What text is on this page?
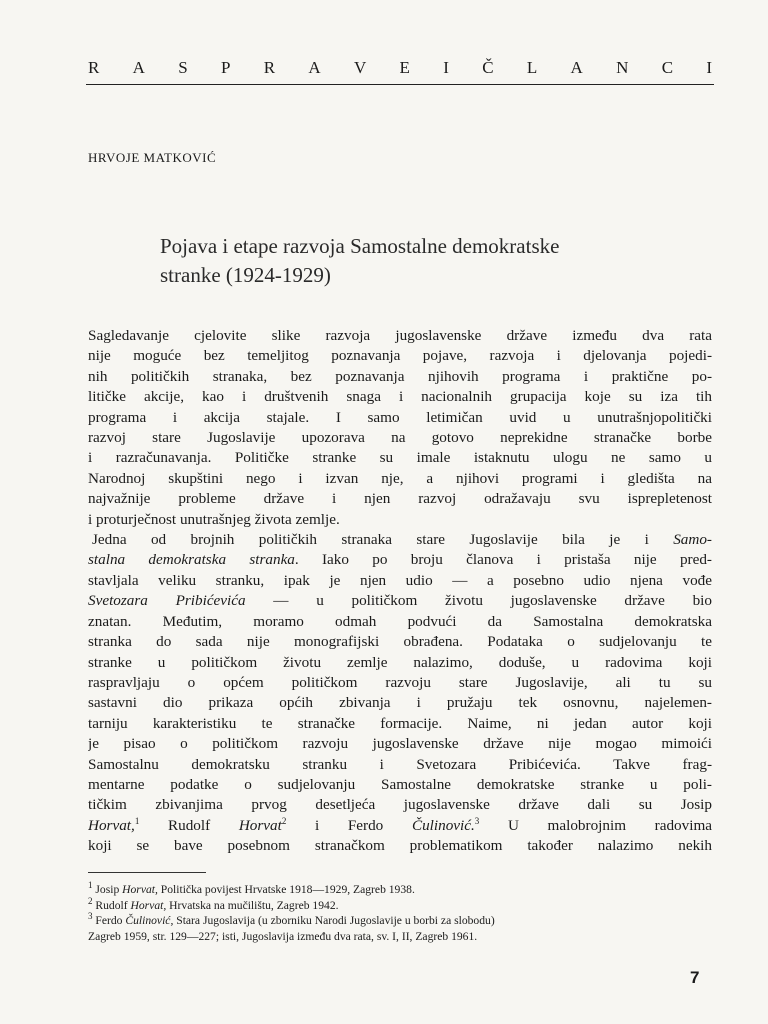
R A S P R A V E I Č L A N C I
HRVOJE MATKOVIĆ
Pojava i etape razvoja Samostalne demokratske
stranke (1924-1929)

Sagledavanje cjelovite slike razvoja jugoslavenske države između dva rata
nije moguće bez temeljitog poznavanja pojave, razvoja i djelovanja pojedi-
nih političkih stranaka, bez poznavanja njihovih programa i praktične po-
litičke akcije, kao i društvenih snaga i nacionalnih grupacija koje su iza tih
programa i akcija stajale. I samo letimičan uvid u unutrašnjopolitički
razvoj stare Jugoslavije upozorava na gotovo neprekidne stranačke borbe
i razračunavanja. Političke stranke su imale istaknutu ulogu ne samo u
Narodnoj skupštini nego i izvan nje, a njihovi programi i gledišta na
najvažnije probleme države i njen razvoj odražavaju svu isprepletenost
i proturječnost unutrašnjeg života zemlje.

Jedna od brojnih političkih stranaka stare Jugoslavije bila je i Samo-
stalna demokratska stranka. Iako po broju članova i pristaša nije pred-
stavljala veliku stranku, ipak je njen udio — a posebno udio njena vođe
Svetozara Pribićevića — u političkom životu jugoslavenske države bio
znatan. Međutim, moramo odmah podvući da Samostalna demokratska
stranka do sada nije monografijski obrađena. Podataka o sudjelovanju te
stranke u političkom životu zemlje nalazimo, doduše, u radovima koji
raspravljaju o općem političkom razvoju stare Jugoslavije, ali tu su
sastavni dio prikaza općih zbivanja i pružaju tek osnovnu, najelemen-
tarniju karakteristiku te stranačke formacije. Naime, ni jedan autor koji
je pisao o političkom razvoju jugoslavenske države nije mogao mimoići
Samostalnu demokratsku stranku i Svetozara Pribićevića. Takve frag-
mentarne podatke o sudjelovanju Samostalne demokratske stranke u poli-
tičkim zbivanjima prvog desetljeća jugoslavenske države dali su Josip
Horvat,$^1$ Rudolf Horvat$^2$ i Ferdo Čulinović.$^3$ U malobrojnim radovima
koji se bave posebnom stranačkom problematikom također nalazimo nekih

$^1$ Josip Horvat, Politička povijest Hrvatske 1918—1929, Zagreb 1938.
$^2$ Rudolf Horvat, Hrvatska na mučilištu, Zagreb 1942.
$^3$ Ferdo Čulinović, Stara Jugoslavija (u zborniku Narodi Jugoslavije u borbi za slobodu)
Zagreb 1959, str. 129—227; isti, Jugoslavija između dva rata, sv. I, II, Zagreb 1961.
7
